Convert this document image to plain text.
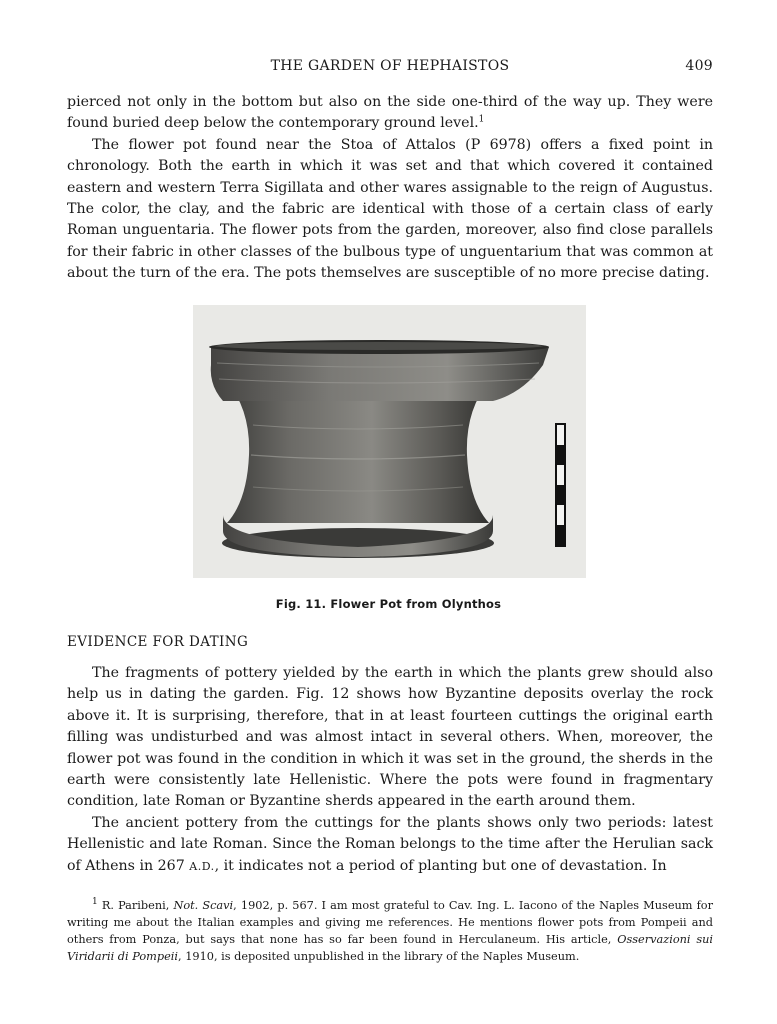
THE GARDEN OF HEPHAISTOS	409

pierced not only in the bottom but also on the side one-third of the way up. They were found buried deep below the contemporary ground level.$^1$

The flower pot found near the Stoa of Attalos (P 6978) offers a fixed point in chronology. Both the earth in which it was set and that which covered it contained eastern and western Terra Sigillata and other wares assignable to the reign of Augustus. The color, the clay, and the fabric are identical with those of a certain class of early Roman unguentaria. The flower pots from the garden, moreover, also find close parallels for their fabric in other classes of the bulbous type of unguentarium that was common at about the turn of the era. The pots themselves are susceptible of no more precise dating.

Fig. 11. Flower Pot from Olynthos
EVIDENCE FOR DATING

The fragments of pottery yielded by the earth in which the plants grew should also help us in dating the garden. Fig. 12 shows how Byzantine deposits overlay the rock above it. It is surprising, therefore, that in at least fourteen cuttings the original earth filling was undisturbed and was almost intact in several others. When, moreover, the flower pot was found in the condition in which it was set in the ground, the sherds in the earth were consistently late Hellenistic. Where the pots were found in fragmentary condition, late Roman or Byzantine sherds appeared in the earth around them.

The ancient pottery from the cuttings for the plants shows only two periods: latest Hellenistic and late Roman. Since the Roman belongs to the time after the Herulian sack of Athens in 267 A.D., it indicates not a period of planting but one of devastation. In

$^1$ R. Paribeni, Not. Scavi, 1902, p. 567. I am most grateful to Cav. Ing. L. Iacono of the Naples Museum for writing me about the Italian examples and giving me references. He mentions flower pots from Pompeii and others from Ponza, but says that none has so far been found in Herculaneum. His article, Osservazioni sui Viridarii di Pompeii, 1910, is deposited unpublished in the library of the Naples Museum.
